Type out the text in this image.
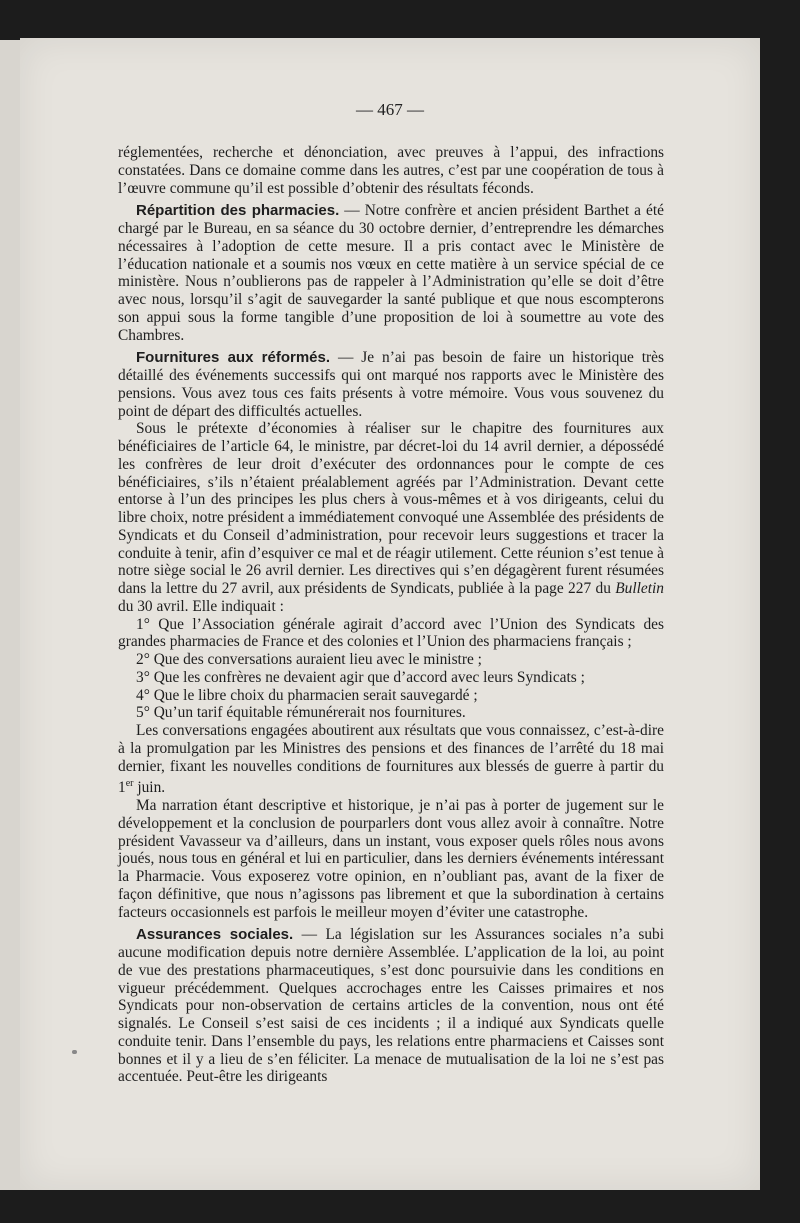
— 467 —

réglementées, recherche et dénonciation, avec preuves à l’appui, des infractions constatées. Dans ce domaine comme dans les autres, c’est par une coopération de tous à l’œuvre commune qu’il est possible d’obtenir des résultats féconds.

Répartition des pharmacies. — Notre confrère et ancien président Barthet a été chargé par le Bureau, en sa séance du 30 octobre dernier, d’entreprendre les démarches nécessaires à l’adoption de cette mesure. Il a pris contact avec le Ministère de l’éducation nationale et a soumis nos vœux en cette matière à un service spécial de ce ministère. Nous n’oublierons pas de rappeler à l’Administration qu’elle se doit d’être avec nous, lorsqu’il s’agit de sauvegarder la santé publique et que nous escompterons son appui sous la forme tangible d’une proposition de loi à soumettre au vote des Chambres.

Fournitures aux réformés. — Je n’ai pas besoin de faire un historique très détaillé des événements successifs qui ont marqué nos rapports avec le Ministère des pensions. Vous avez tous ces faits présents à votre mémoire. Vous vous souvenez du point de départ des difficultés actuelles.

Sous le prétexte d’économies à réaliser sur le chapitre des fournitures aux bénéficiaires de l’article 64, le ministre, par décret-loi du 14 avril dernier, a dépossédé les confrères de leur droit d’exécuter des ordonnances pour le compte de ces bénéficiaires, s’ils n’étaient préalablement agréés par l’Administration. Devant cette entorse à l’un des principes les plus chers à vous-mêmes et à vos dirigeants, celui du libre choix, notre président a immédiatement convoqué une Assemblée des présidents de Syndicats et du Conseil d’administration, pour recevoir leurs suggestions et tracer la conduite à tenir, afin d’esquiver ce mal et de réagir utilement. Cette réunion s’est tenue à notre siège social le 26 avril dernier. Les directives qui s’en dégagèrent furent résumées dans la lettre du 27 avril, aux présidents de Syndicats, publiée à la page 227 du Bulletin du 30 avril. Elle indiquait :

1° Que l’Association générale agirait d’accord avec l’Union des Syndicats des grandes pharmacies de France et des colonies et l’Union des pharmaciens français ;

2° Que des conversations auraient lieu avec le ministre ;

3° Que les confrères ne devaient agir que d’accord avec leurs Syndicats ;

4° Que le libre choix du pharmacien serait sauvegardé ;

5° Qu’un tarif équitable rémunérerait nos fournitures.

Les conversations engagées aboutirent aux résultats que vous connaissez, c’est-à-dire à la promulgation par les Ministres des pensions et des finances de l’arrêté du 18 mai dernier, fixant les nouvelles conditions de fournitures aux blessés de guerre à partir du 1er juin.

Ma narration étant descriptive et historique, je n’ai pas à porter de jugement sur le développement et la conclusion de pourparlers dont vous allez avoir à connaître. Notre président Vavasseur va d’ailleurs, dans un instant, vous exposer quels rôles nous avons joués, nous tous en général et lui en particulier, dans les derniers événements intéressant la Pharmacie. Vous exposerez votre opinion, en n’oubliant pas, avant de la fixer de façon définitive, que nous n’agissons pas librement et que la subordination à certains facteurs occasionnels est parfois le meilleur moyen d’éviter une catastrophe.

Assurances sociales. — La législation sur les Assurances sociales n’a subi aucune modification depuis notre dernière Assemblée. L’application de la loi, au point de vue des prestations pharmaceutiques, s’est donc poursuivie dans les conditions en vigueur précédemment. Quelques accrochages entre les Caisses primaires et nos Syndicats pour non-observation de certains articles de la convention, nous ont été signalés. Le Conseil s’est saisi de ces incidents ; il a indiqué aux Syndicats quelle conduite tenir. Dans l’ensemble du pays, les relations entre pharmaciens et Caisses sont bonnes et il y a lieu de s’en féliciter. La menace de mutualisation de la loi ne s’est pas accentuée. Peut-être les dirigeants
